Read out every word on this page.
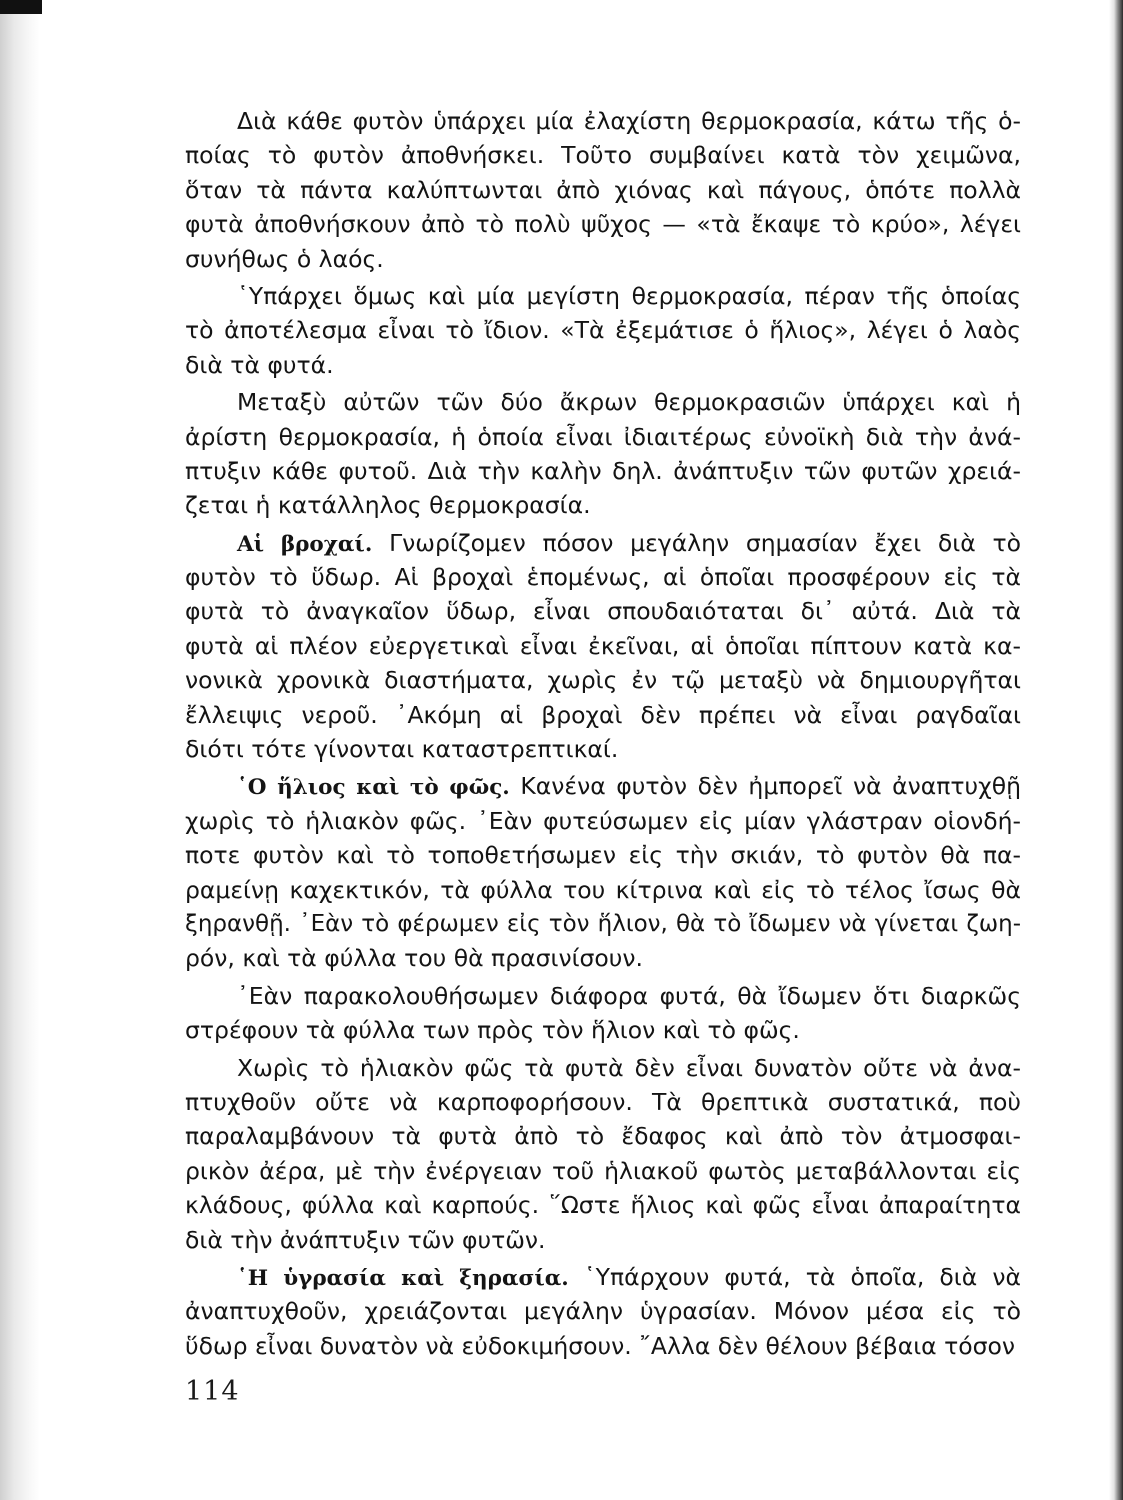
Διὰ κάθε φυτὸν ὑπάρχει μία ἐλαχίστη θερμοκρασία, κάτω τῆς ὁ-
ποίας τὸ φυτὸν ἀποθνήσκει. Τοῦτο συμβαίνει κατὰ τὸν χειμῶνα,
ὅταν τὰ πάντα καλύπτωνται ἀπὸ χιόνας καὶ πάγους, ὁπότε πολλὰ
φυτὰ ἀποθνήσκουν ἀπὸ τὸ πολὺ ψῦχος — «τὰ ἔκαψε τὸ κρύο», λέγει
συνήθως ὁ λαός.
῾Υπάρχει ὅμως καὶ μία μεγίστη θερμοκρασία, πέραν τῆς ὁποίας
τὸ ἀποτέλεσμα εἶναι τὸ ἴδιον. «Τὰ ἐξεμάτισε ὁ ἥλιος», λέγει ὁ λαὸς
διὰ τὰ φυτά.
Μεταξὺ αὐτῶν τῶν δύο ἄκρων θερμοκρασιῶν ὑπάρχει καὶ ἡ
ἀρίστη θερμοκρασία, ἡ ὁποία εἶναι ἰδιαιτέρως εὐνοϊκὴ διὰ τὴν ἀνά-
πτυξιν κάθε φυτοῦ. Διὰ τὴν καλὴν δηλ. ἀνάπτυξιν τῶν φυτῶν χρειά-
ζεται ἡ κατάλληλος θερμοκρασία.
Αἱ βροχαί. Γνωρίζομεν πόσον μεγάλην σημασίαν ἔχει διὰ τὸ
φυτὸν τὸ ὕδωρ. Αἱ βροχαὶ ἑπομένως, αἱ ὁποῖαι προσφέρουν εἰς τὰ
φυτὰ τὸ ἀναγκαῖον ὕδωρ, εἶναι σπουδαιόταται δι᾽ αὐτά. Διὰ τὰ
φυτὰ αἱ πλέον εὐεργετικαὶ εἶναι ἐκεῖναι, αἱ ὁποῖαι πίπτουν κατὰ κα-
νονικὰ χρονικὰ διαστήματα, χωρὶς ἐν τῷ μεταξὺ νὰ δημιουργῆται
ἔλλειψις νεροῦ. ᾿Ακόμη αἱ βροχαὶ δὲν πρέπει νὰ εἶναι ραγδαῖαι
διότι τότε γίνονται καταστρεπτικαί.
῾Ο ἥλιος καὶ τὸ φῶς. Κανένα φυτὸν δὲν ἠμπορεῖ νὰ ἀναπτυχθῇ
χωρὶς τὸ ἡλιακὸν φῶς. ᾿Εὰν φυτεύσωμεν εἰς μίαν γλάστραν οἱονδή-
ποτε φυτὸν καὶ τὸ τοποθετήσωμεν εἰς τὴν σκιάν, τὸ φυτὸν θὰ πα-
ραμείνῃ καχεκτικόν, τὰ φύλλα του κίτρινα καὶ εἰς τὸ τέλος ἴσως θὰ
ξηρανθῇ. ᾿Εὰν τὸ φέρωμεν εἰς τὸν ἥλιον, θὰ τὸ ἴδωμεν νὰ γίνεται ζωη-
ρόν, καὶ τὰ φύλλα του θὰ πρασινίσουν.
᾿Εὰν παρακολουθήσωμεν διάφορα φυτά, θὰ ἴδωμεν ὅτι διαρκῶς
στρέφουν τὰ φύλλα των πρὸς τὸν ἥλιον καὶ τὸ φῶς.
Χωρὶς τὸ ἡλιακὸν φῶς τὰ φυτὰ δὲν εἶναι δυνατὸν οὔτε νὰ ἀνα-
πτυχθοῦν οὔτε νὰ καρποφορήσουν. Τὰ θρεπτικὰ συστατικά, ποὺ
παραλαμβάνουν τὰ φυτὰ ἀπὸ τὸ ἔδαφος καὶ ἀπὸ τὸν ἀτμοσφαι-
ρικὸν ἀέρα, μὲ τὴν ἐνέργειαν τοῦ ἡλιακοῦ φωτὸς μεταβάλλονται εἰς
κλάδους, φύλλα καὶ καρπούς. ῞Ωστε ἥλιος καὶ φῶς εἶναι ἀπαραίτητα
διὰ τὴν ἀνάπτυξιν τῶν φυτῶν.
῾Η ὑγρασία καὶ ξηρασία. ῾Υπάρχουν φυτά, τὰ ὁποῖα, διὰ νὰ
ἀναπτυχθοῦν, χρειάζονται μεγάλην ὑγρασίαν. Μόνον μέσα εἰς τὸ
ὕδωρ εἶναι δυνατὸν νὰ εὐδοκιμήσουν. ῎Αλλα δὲν θέλουν βέβαια τόσον
114
